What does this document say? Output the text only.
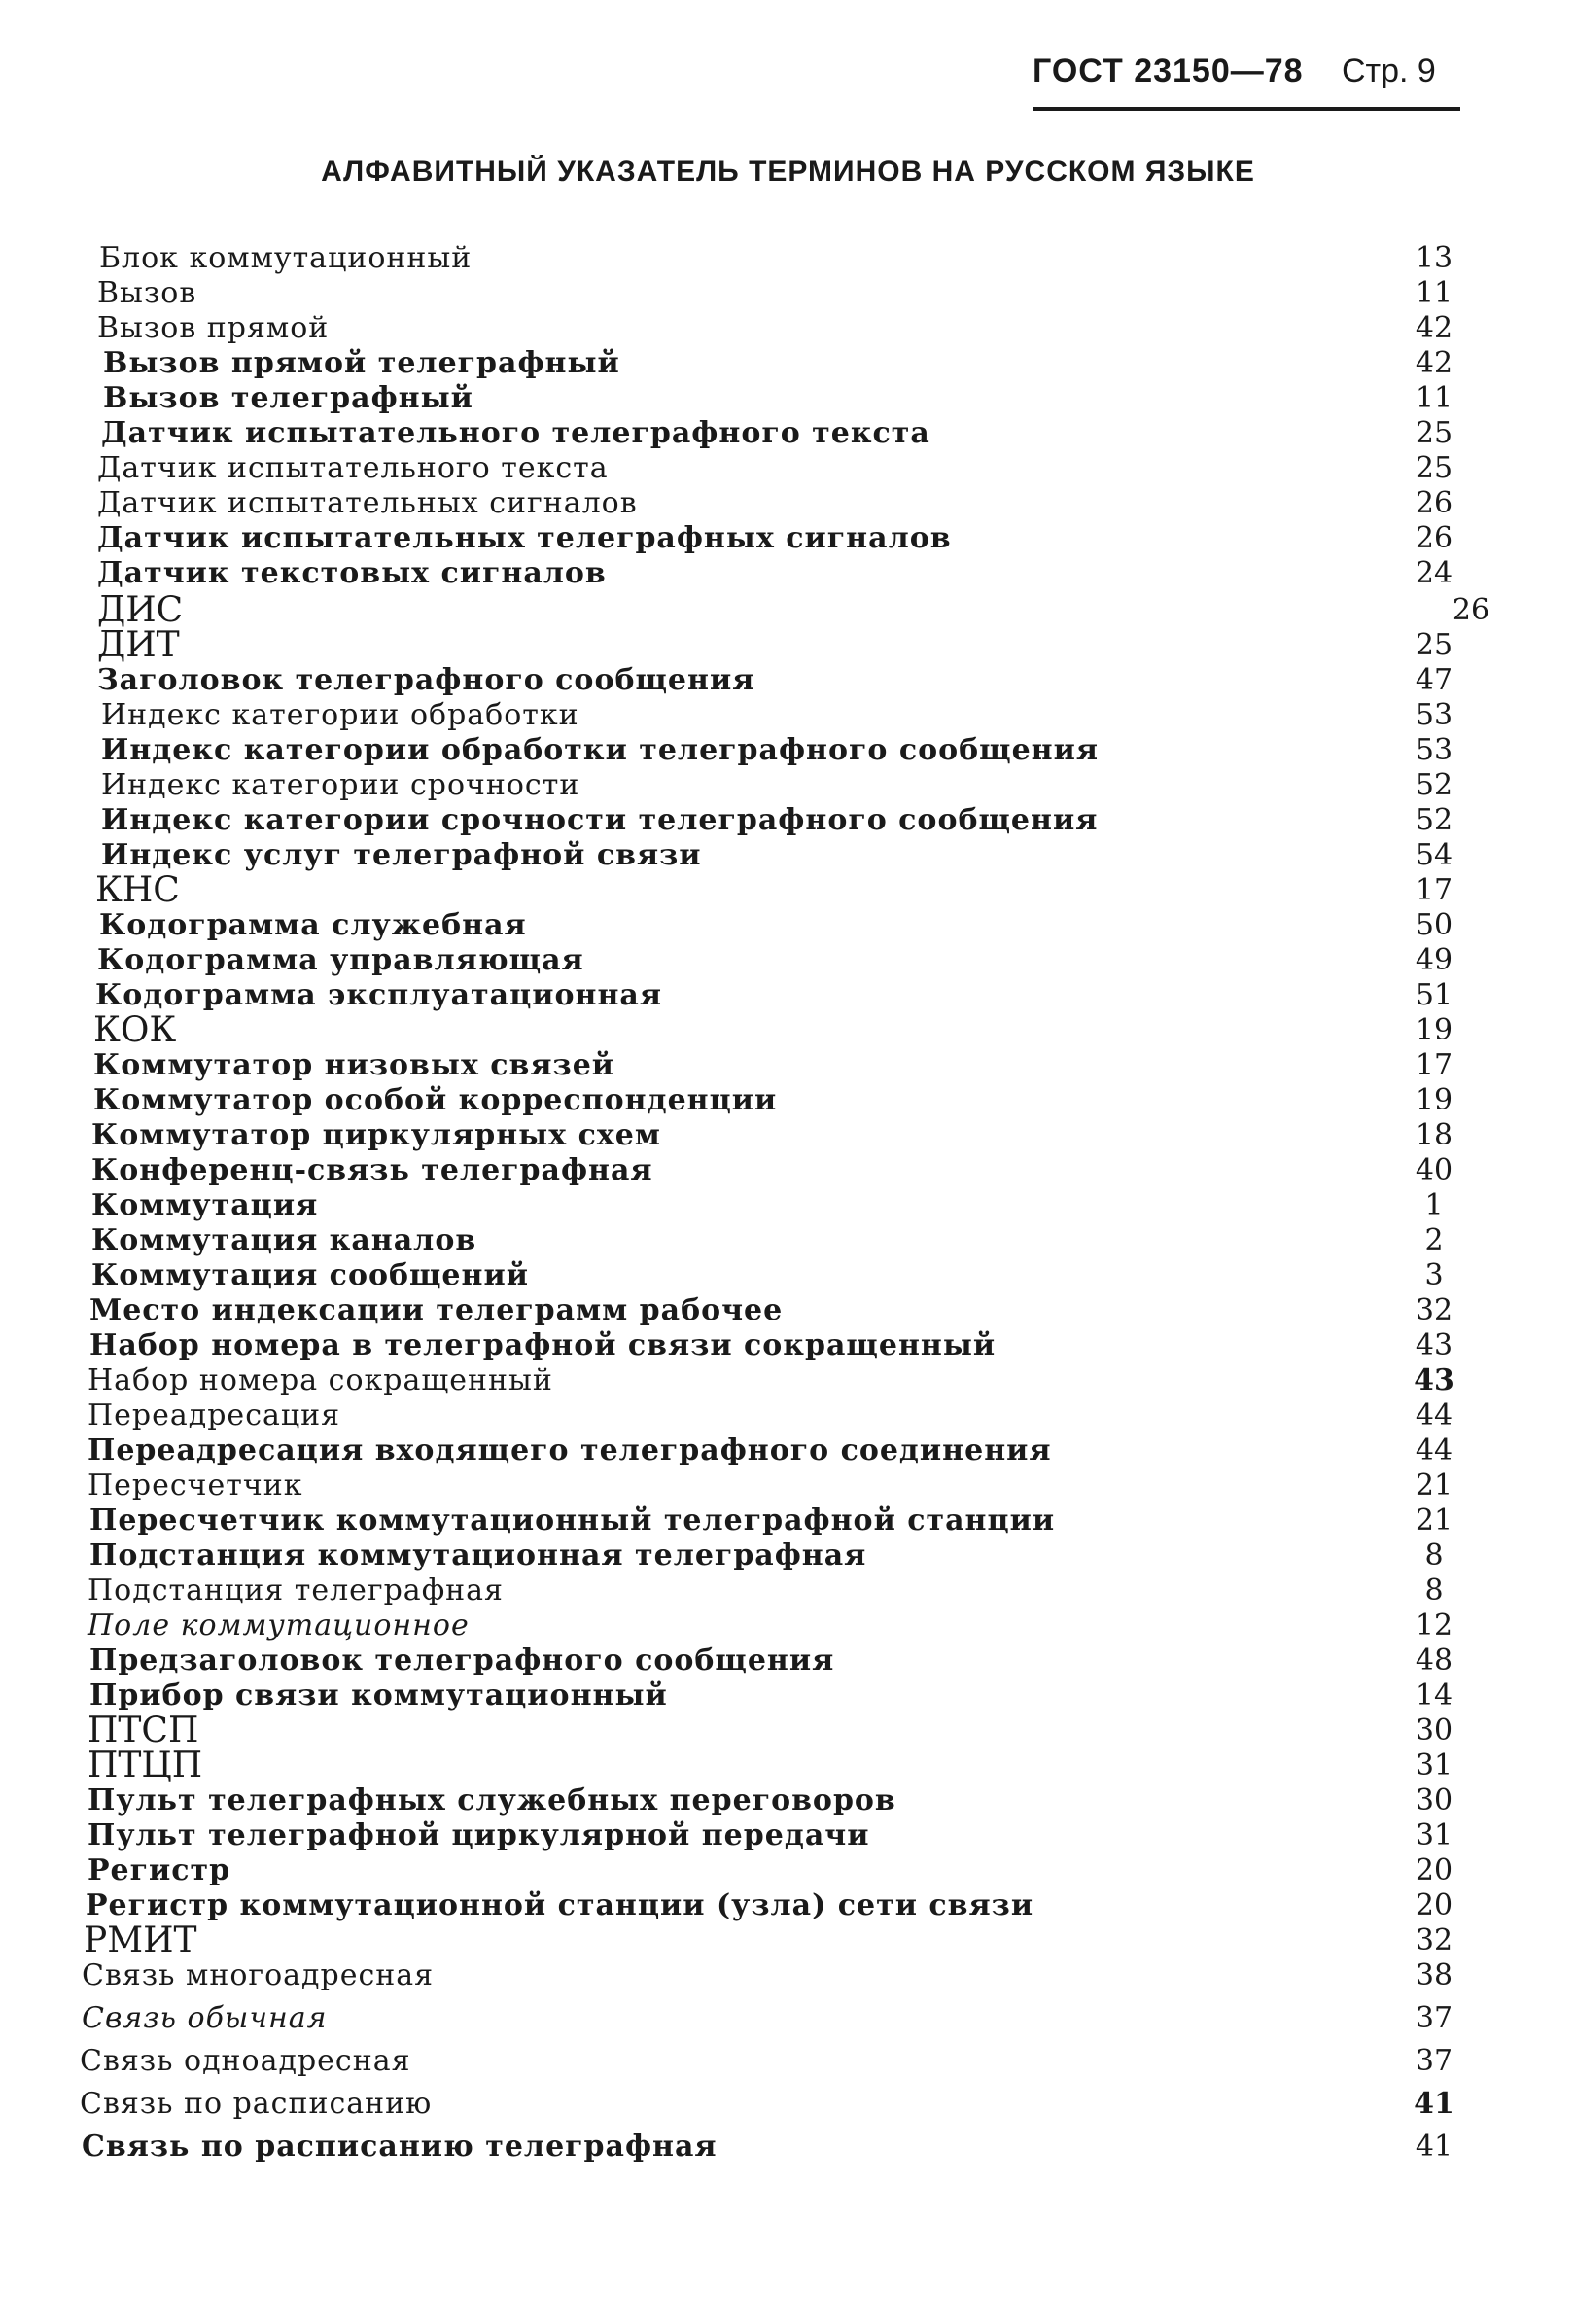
ГОСТ 23150—78 Стр. 9
АЛФАВИТНЫЙ УКАЗАТЕЛЬ ТЕРМИНОВ НА РУССКОМ ЯЗЫКЕ
Блок коммутационный	13
Вызов	11
Вызов прямой	42
Вызов прямой телеграфный	42
Вызов телеграфный	11
Датчик испытательного телеграфного текста	25
Датчик испытательного текста	25
Датчик испытательных сигналов	26
Датчик испытательных телеграфных сигналов	26
Датчик текстовых сигналов	24
ДИС	26
ДИТ	25
Заголовок телеграфного сообщения	47
Индекс категории обработки	53
Индекс категории обработки телеграфного сообщения	53
Индекс категории срочности	52
Индекс категории срочности телеграфного сообщения	52
Индекс услуг телеграфной связи	54
КНС	17
Кодограмма служебная	50
Кодограмма управляющая	49
Кодограмма эксплуатационная	51
КОК	19
Коммутатор низовых связей	17
Коммутатор особой корреспонденции	19
Коммутатор циркулярных схем	18
Конференц-связь телеграфная	40
Коммутация	1
Коммутация каналов	2
Коммутация сообщений	3
Место индексации телеграмм рабочее	32
Набор номера в телеграфной связи сокращенный	43
Набор номера сокращенный	43
Переадресация	44
Переадресация входящего телеграфного соединения	44
Пересчетчик	21
Пересчетчик коммутационный телеграфной станции	21
Подстанция коммутационная телеграфная	8
Подстанция телеграфная	8
Поле коммутационное	12
Предзаголовок телеграфного сообщения	48
Прибор связи коммутационный	14
ПТСП	30
ПТЦП	31
Пульт телеграфных служебных переговоров	30
Пульт телеграфной циркулярной передачи	31
Регистр	20
Регистр коммутационной станции (узла) сети связи	20
РМИТ	32
Связь многоадресная	38
Связь обычная	37
Связь одноадресная	37
Связь по расписанию	41
Связь по расписанию телеграфная	41
